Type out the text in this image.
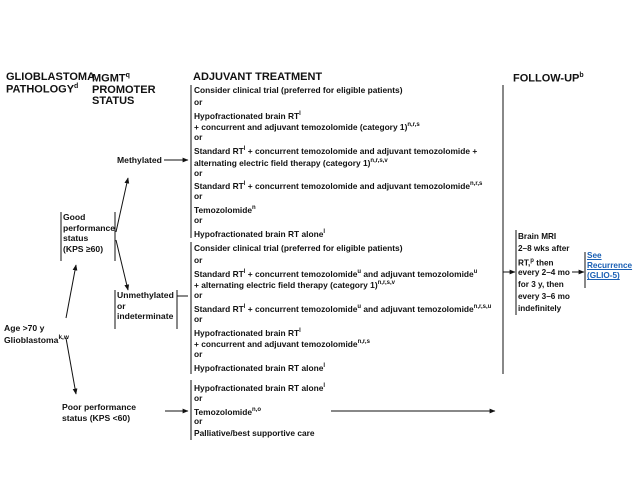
GLIOBLASTOMA
PATHOLOGY$^d$
MGMT$^q$
PROMOTER
STATUS
ADJUVANT TREATMENT	FOLLOW-$UP^b$
Age >70 y
Glioblastoma$^{k,w}$
Good
performance
status
(KPS ≥60)
Poor performance
status (KPS <60)
Methylated
Unmethylated
or
indeterminate
Consider clinical trial (preferred for eligible patients)
or
Hypofractionated brain $RT^l$
+ concurrent and adjuvant temozolomide (category 1)$^{n,r,s}$
or
Standard $RT^l$ + concurrent temozolomide and adjuvant temozolomide +
alternating electric field therapy (category 1)$^{n,r,s,v}$
or
Standard $RT^l$ + concurrent temozolomide and adjuvant temozolomide$^{n,r,s}$
or
Temozolomide$^n$
or
Hypofractionated brain RT alone$^l$
Consider clinical trial (preferred for eligible patients)
or
Standard $RT^l$ + concurrent temozolomide$^u$ and adjuvant temozolomide$^u$
+ alternating electric field therapy (category 1)$^{n,r,s,v}$
or
Standard $RT^l$ + concurrent temozolomide$^u$ and adjuvant temozolomide$^{n,r,s,u}$
or
Hypofractionated brain $RT^l$
+ concurrent and adjuvant temozolomide$^{n,r,s}$
or
Hypofractionated brain RT alone$^l$
Hypofractionated brain RT alone$^l$
or
Temozolomide$^{n,o}$
or
Palliative/best supportive care
Brain MRI
2–8 wks after
RT,$^p$ then
every 2–4 mo
for 3 y, then
every 3–6 mo
indefinitely
See
Recurrence
(GLIO-5)
